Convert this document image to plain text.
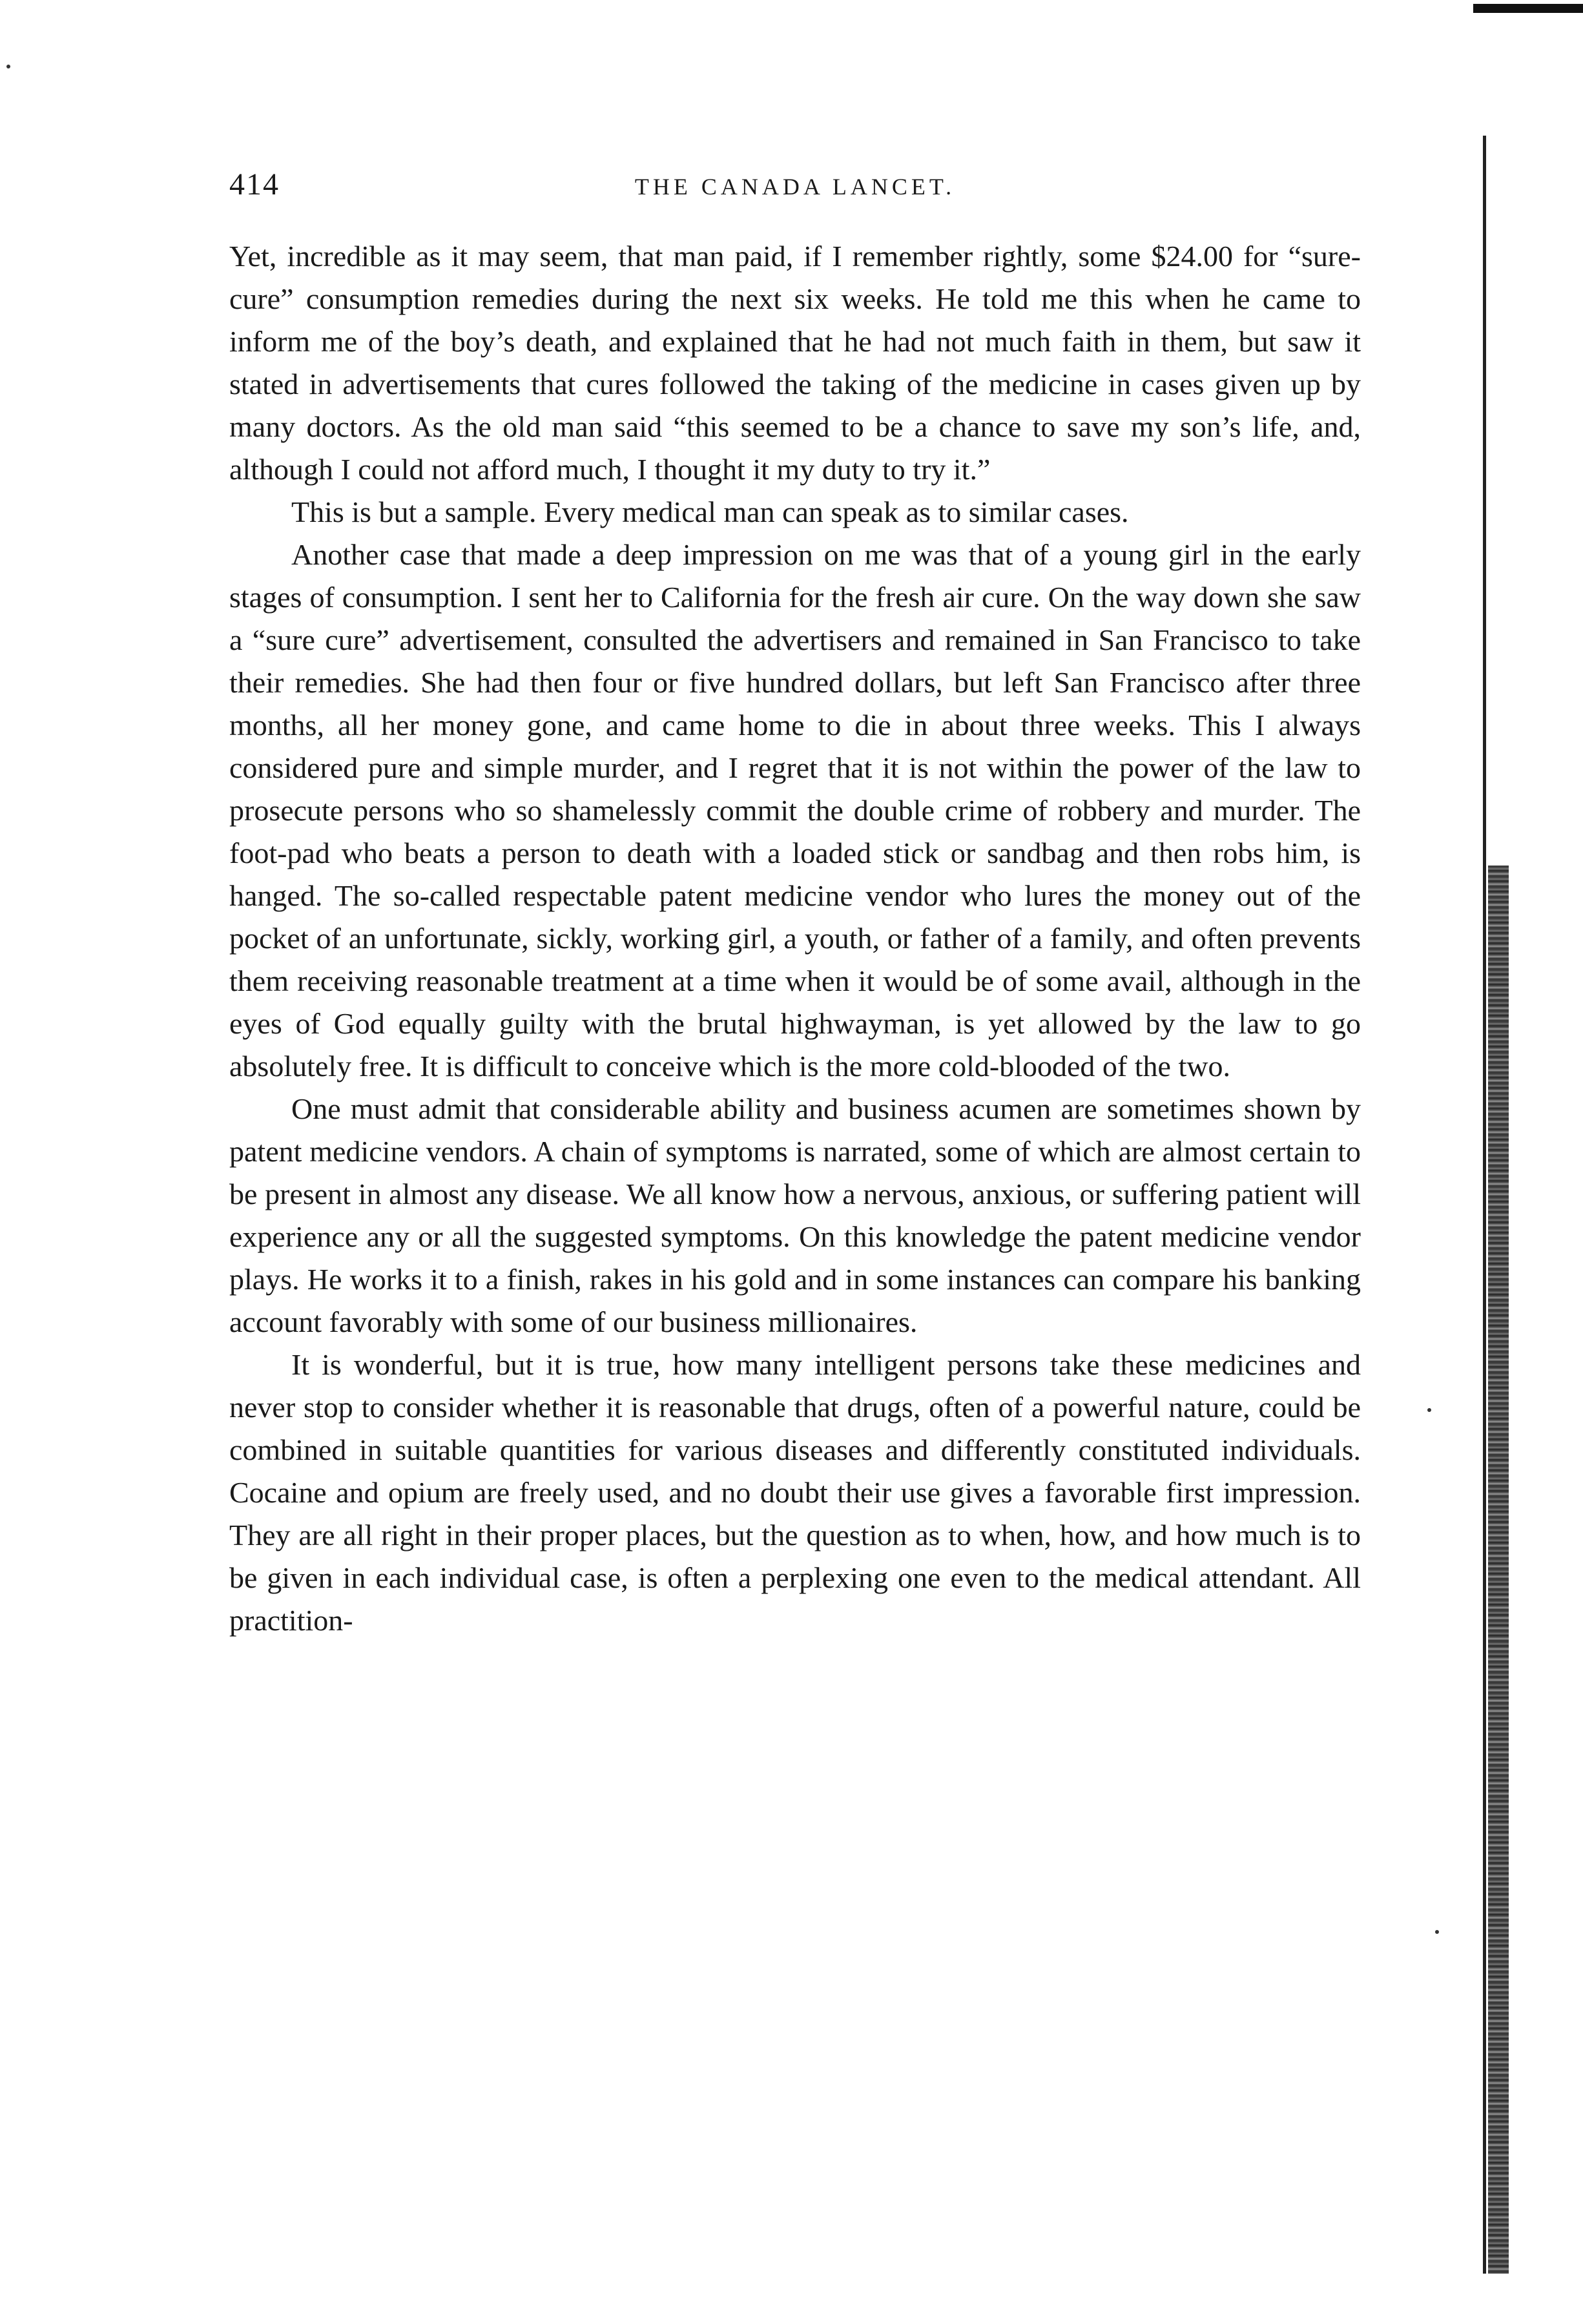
414	THE CANADA LANCET.

Yet, incredible as it may seem, that man paid, if I remember rightly, some $24.00 for “sure-cure” consumption remedies during the next six weeks. He told me this when he came to inform me of the boy’s death, and explained that he had not much faith in them, but saw it stated in advertisements that cures followed the taking of the medicine in cases given up by many doctors. As the old man said “this seemed to be a chance to save my son’s life, and, although I could not afford much, I thought it my duty to try it.”

This is but a sample. Every medical man can speak as to similar cases.

Another case that made a deep impression on me was that of a young girl in the early stages of consumption. I sent her to California for the fresh air cure. On the way down she saw a “sure cure” advertisement, consulted the advertisers and remained in San Francisco to take their remedies. She had then four or five hundred dollars, but left San Francisco after three months, all her money gone, and came home to die in about three weeks. This I always considered pure and simple murder, and I regret that it is not within the power of the law to prosecute persons who so shamelessly commit the double crime of robbery and murder. The foot-pad who beats a person to death with a loaded stick or sandbag and then robs him, is hanged. The so-called respectable patent medicine vendor who lures the money out of the pocket of an unfortunate, sickly, working girl, a youth, or father of a family, and often prevents them receiving reasonable treatment at a time when it would be of some avail, although in the eyes of God equally guilty with the brutal highwayman, is yet allowed by the law to go absolutely free. It is difficult to conceive which is the more cold-blooded of the two.

One must admit that considerable ability and business acumen are sometimes shown by patent medicine vendors. A chain of symptoms is narrated, some of which are almost certain to be present in almost any disease. We all know how a nervous, anxious, or suffering patient will experience any or all the suggested symptoms. On this knowledge the patent medicine vendor plays. He works it to a finish, rakes in his gold and in some instances can compare his banking account favorably with some of our business millionaires.

It is wonderful, but it is true, how many intelligent persons take these medicines and never stop to consider whether it is reasonable that drugs, often of a powerful nature, could be combined in suitable quantities for various diseases and differently constituted individuals. Cocaine and opium are freely used, and no doubt their use gives a favorable first impression. They are all right in their proper places, but the question as to when, how, and how much is to be given in each individual case, is often a perplexing one even to the medical attendant. All practition-
